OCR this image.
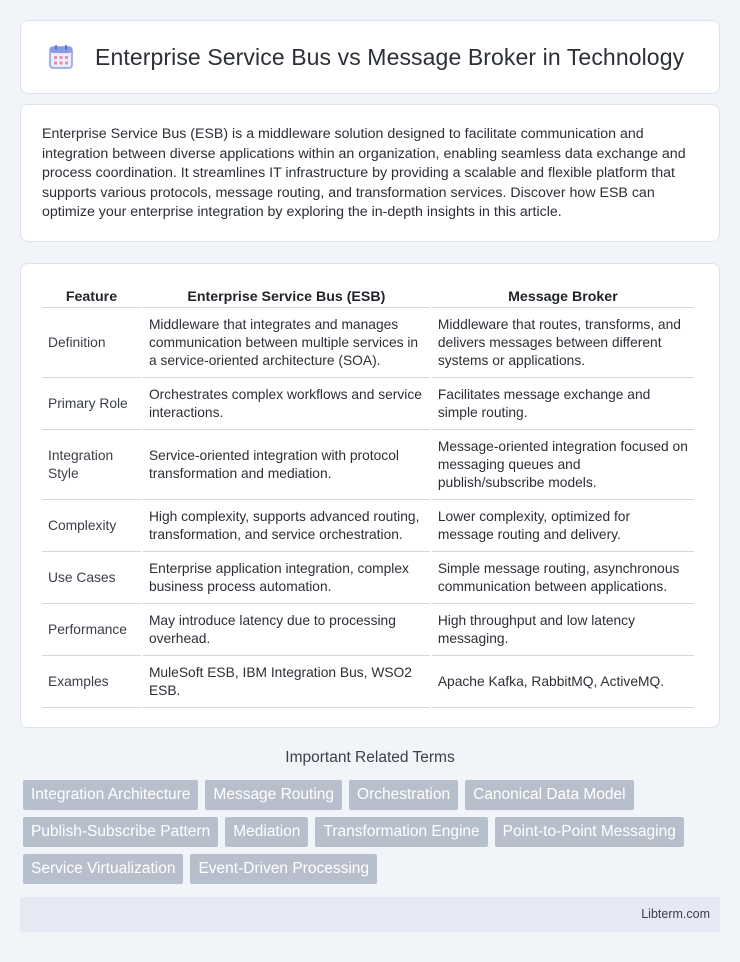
Enterprise Service Bus vs Message Broker in Technology

Enterprise Service Bus (ESB) is a middleware solution designed to facilitate communication and integration between diverse applications within an organization, enabling seamless data exchange and process coordination. It streamlines IT infrastructure by providing a scalable and flexible platform that supports various protocols, message routing, and transformation services. Discover how ESB can optimize your enterprise integration by exploring the in-depth insights in this article.

Feature	Enterprise Service Bus (ESB)	Message Broker
Definition	Middleware that integrates and manages communication between multiple services in a service-oriented architecture (SOA).	Middleware that routes, transforms, and delivers messages between different systems or applications.
Primary Role	Orchestrates complex workflows and service interactions.	Facilitates message exchange and simple routing.
Integration Style	Service-oriented integration with protocol transformation and mediation.	Message-oriented integration focused on messaging queues and publish/subscribe models.
Complexity	High complexity, supports advanced routing, transformation, and service orchestration.	Lower complexity, optimized for message routing and delivery.
Use Cases	Enterprise application integration, complex business process automation.	Simple message routing, asynchronous communication between applications.
Performance	May introduce latency due to processing overhead.	High throughput and low latency messaging.
Examples	MuleSoft ESB, IBM Integration Bus, WSO2 ESB.	Apache Kafka, RabbitMQ, ActiveMQ.
Important Related Terms
Integration Architecture	Message Routing	Orchestration	Canonical Data Model
Publish-Subscribe Pattern	Mediation	Transformation Engine	Point-to-Point Messaging
Service Virtualization	Event-Driven Processing
Libterm.com
